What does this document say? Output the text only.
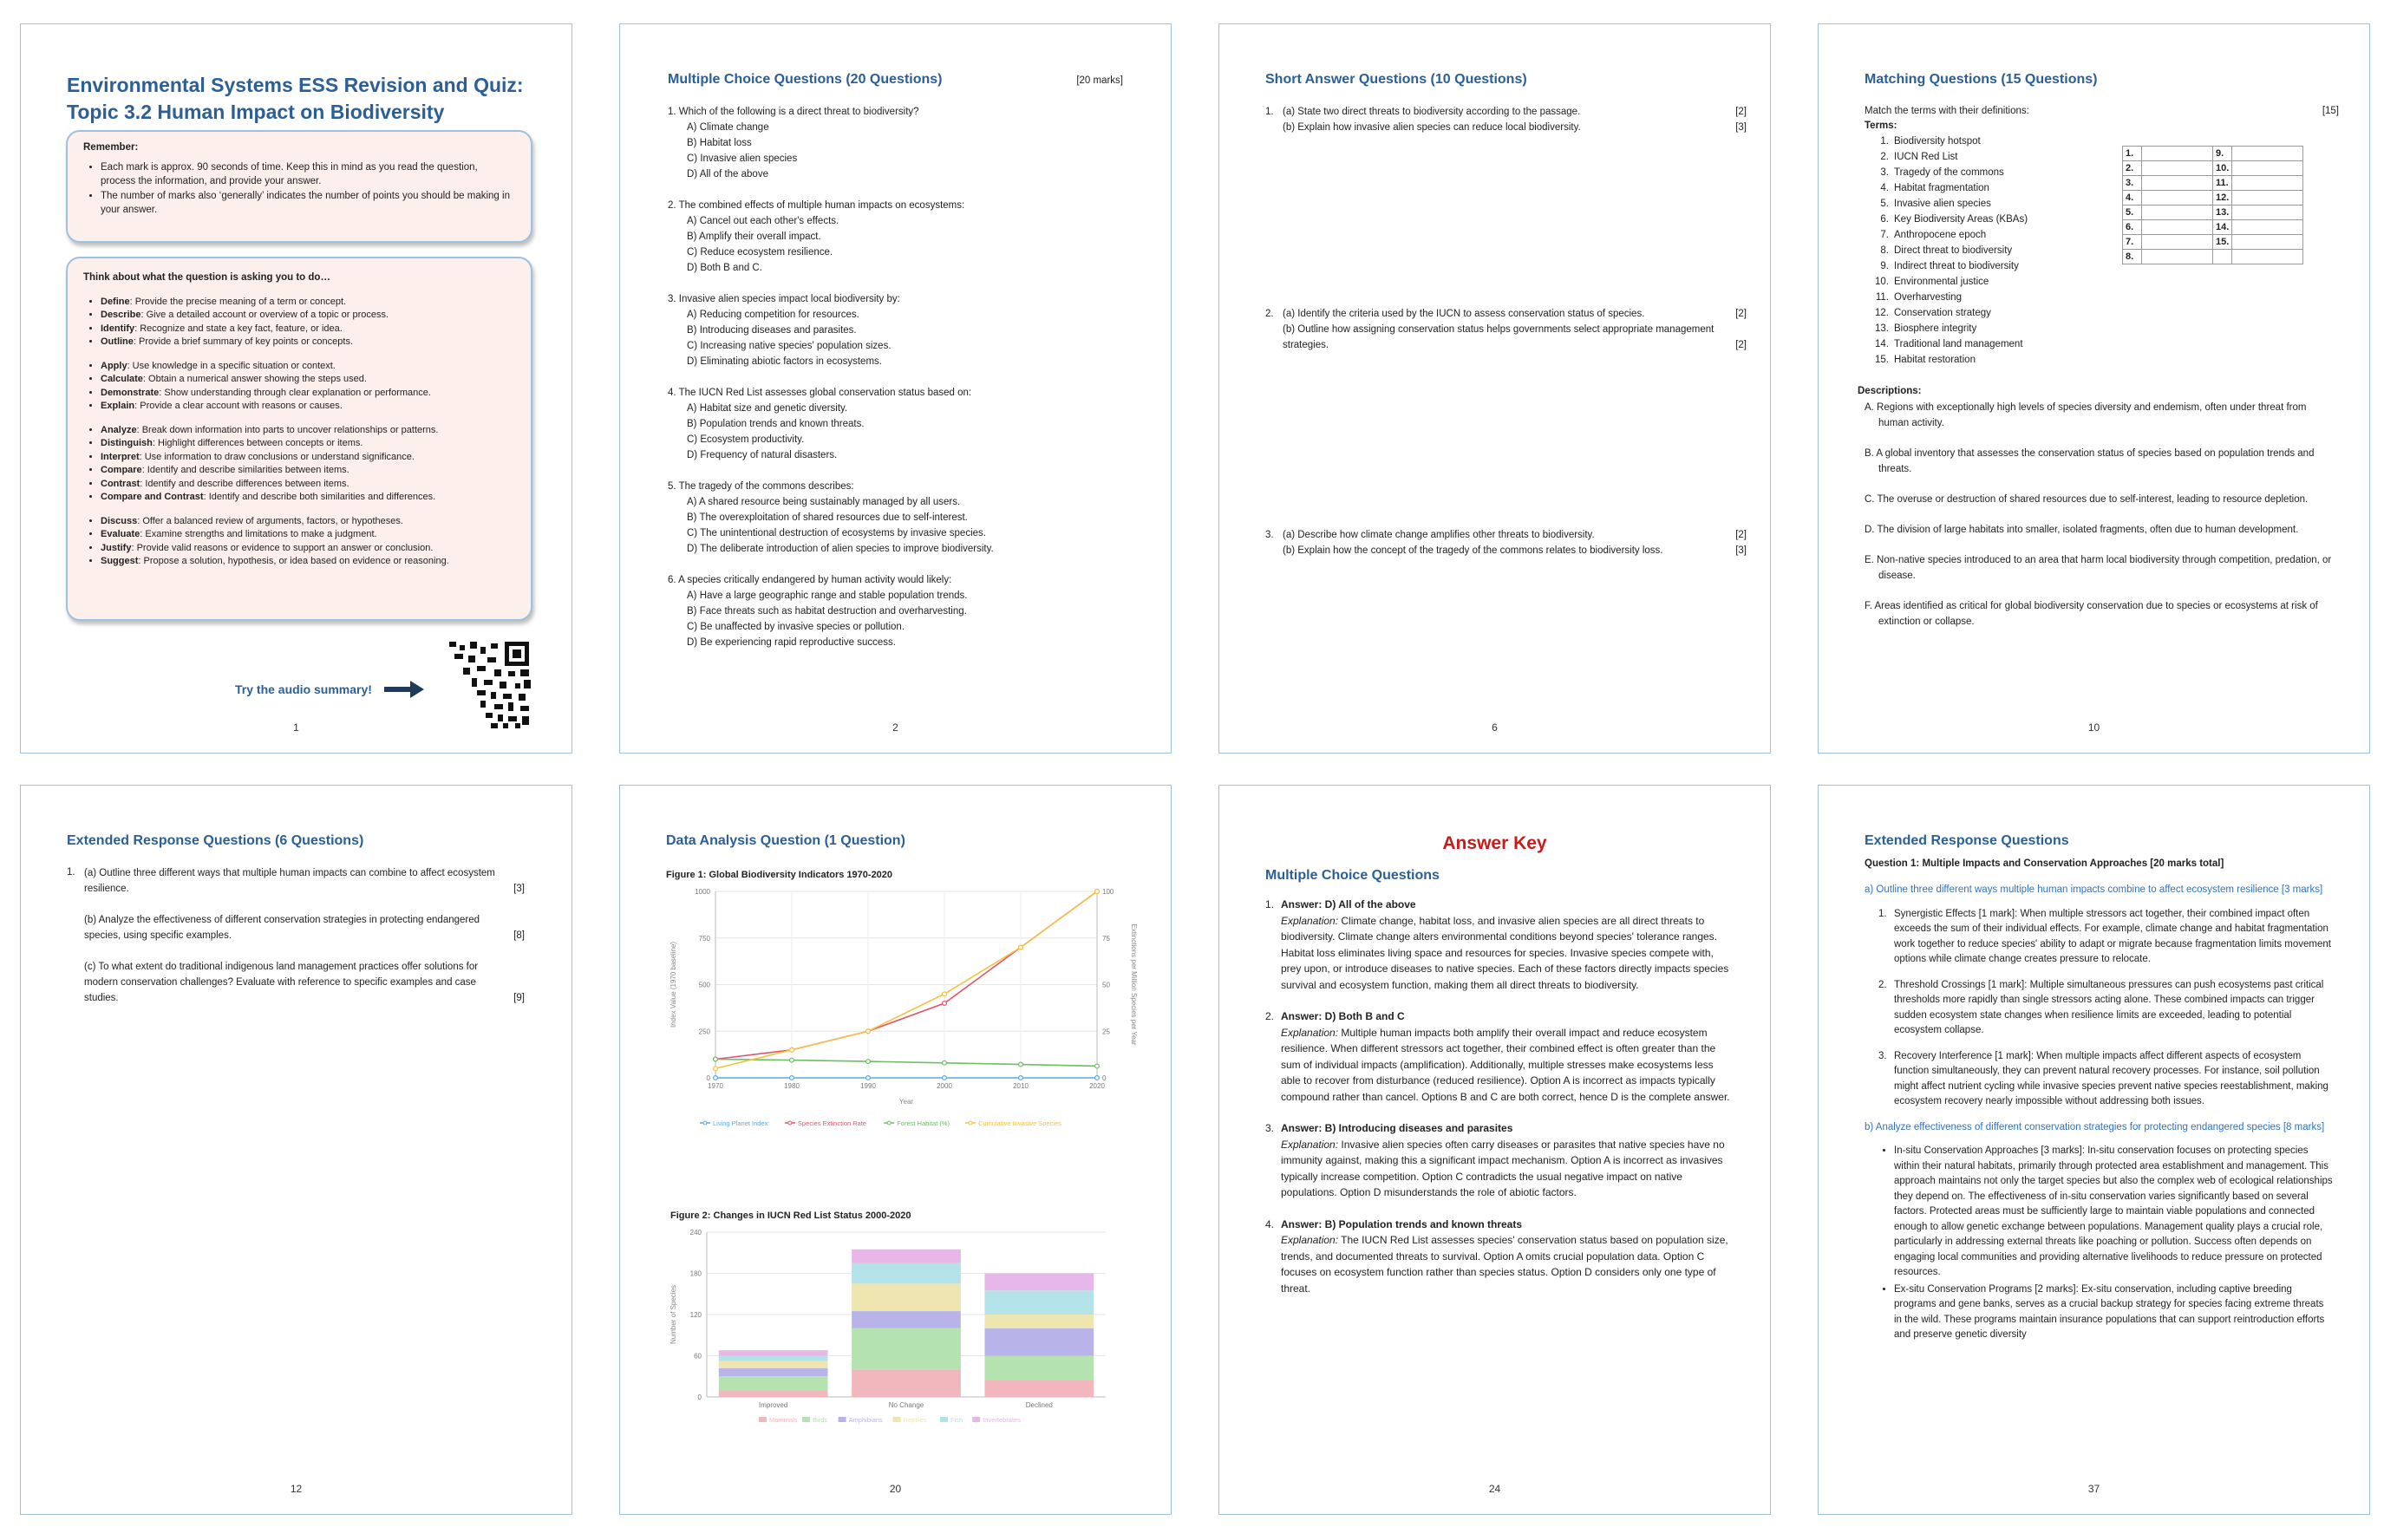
Environmental Systems ESS Revision and Quiz: Topic 3.2 Human Impact on Biodiversity
Remember:
• Each mark is approx. 90 seconds of time. Keep this in mind as you read the question, process the information, and provide your answer.
• The number of marks also ‘generally’ indicates the number of points you should be making in your answer.
Think about what the question is asking you to do…
• Define: Provide the precise meaning of a term or concept.
• Describe: Give a detailed account or overview of a topic or process.
• Identify: Recognize and state a key fact, feature, or idea.
• Outline: Provide a brief summary of key points or concepts.
• Apply: Use knowledge in a specific situation or context.
• Calculate: Obtain a numerical answer showing the steps used.
• Demonstrate: Show understanding through clear explanation or performance.
• Explain: Provide a clear account with reasons or causes.
• Analyze: Break down information into parts to uncover relationships or patterns.
• Distinguish: Highlight differences between concepts or items.
• Interpret: Use information to draw conclusions or understand significance.
• Compare: Identify and describe similarities between items.
• Contrast: Identify and describe differences between items.
• Compare and Contrast: Identify and describe both similarities and differences.
• Discuss: Offer a balanced review of arguments, factors, or hypotheses.
• Evaluate: Examine strengths and limitations to make a judgment.
• Justify: Provide valid reasons or evidence to support an answer or conclusion.
• Suggest: Propose a solution, hypothesis, or idea based on evidence or reasoning.
Try the audio summary!
1
Multiple Choice Questions (20 Questions)	[20 marks]
1. Which of the following is a direct threat to biodiversity?
A) Climate change
B) Habitat loss
C) Invasive alien species
D) All of the above
2. The combined effects of multiple human impacts on ecosystems:
A) Cancel out each other's effects.
B) Amplify their overall impact.
C) Reduce ecosystem resilience.
D) Both B and C.
3. Invasive alien species impact local biodiversity by:
A) Reducing competition for resources.
B) Introducing diseases and parasites.
C) Increasing native species' population sizes.
D) Eliminating abiotic factors in ecosystems.
4. The IUCN Red List assesses global conservation status based on:
A) Habitat size and genetic diversity.
B) Population trends and known threats.
C) Ecosystem productivity.
D) Frequency of natural disasters.
5. The tragedy of the commons describes:
A) A shared resource being sustainably managed by all users.
B) The overexploitation of shared resources due to self-interest.
C) The unintentional destruction of ecosystems by invasive species.
D) The deliberate introduction of alien species to improve biodiversity.
6. A species critically endangered by human activity would likely:
A) Have a large geographic range and stable population trends.
B) Face threats such as habitat destruction and overharvesting.
C) Be unaffected by invasive species or pollution.
D) Be experiencing rapid reproductive success.
2
Short Answer Questions (10 Questions)
1. (a) State two direct threats to biodiversity according to the passage.	[2]
(b) Explain how invasive alien species can reduce local biodiversity.	[3]
2. (a) Identify the criteria used by the IUCN to assess conservation status of species.	[2]
(b) Outline how assigning conservation status helps governments select appropriate management strategies.	[2]
3. (a) Describe how climate change amplifies other threats to biodiversity.	[2]
(b) Explain how the concept of the tragedy of the commons relates to biodiversity loss.	[3]
6
Matching Questions (15 Questions)
Match the terms with their definitions:	[15]
Terms:
1. Biodiversity hotspot
2. IUCN Red List
3. Tragedy of the commons
4. Habitat fragmentation
5. Invasive alien species
6. Key Biodiversity Areas (KBAs)
7. Anthropocene epoch
8. Direct threat to biodiversity
9. Indirect threat to biodiversity
10. Environmental justice
11. Overharvesting
12. Conservation strategy
13. Biosphere integrity
14. Traditional land management
15. Habitat restoration
1.		9.	
2.		10.	
3.		11.	
4.		12.	
5.		13.	
6.		14.	
7.		15.	
8.			
Descriptions:
A. Regions with exceptionally high levels of species diversity and endemism, often under threat from human activity.
B. A global inventory that assesses the conservation status of species based on population trends and threats.
C. The overuse or destruction of shared resources due to self-interest, leading to resource depletion.
D. The division of large habitats into smaller, isolated fragments, often due to human development.
E. Non-native species introduced to an area that harm local biodiversity through competition, predation, or disease.
F. Areas identified as critical for global biodiversity conservation due to species or ecosystems at risk of extinction or collapse.
10
Extended Response Questions (6 Questions)
1. (a) Outline three different ways that multiple human impacts can combine to affect ecosystem resilience.	[3]
(b) Analyze the effectiveness of different conservation strategies in protecting endangered species, using specific examples.	[8]
(c) To what extent do traditional indigenous land management practices offer solutions for modern conservation challenges? Evaluate with reference to specific examples and case studies.	[9]
12
Data Analysis Question (1 Question)
Figure 1: Global Biodiversity Indicators 1970-2020
0
250
500
750
1000
0
25
50
75
100
1970	1980	1990	2000	2010	2020
Year
Index Value (1970 baseline)	Extinctions per Million Species per Year
Living Planet Index	Species Extinction Rate	Forest Habitat (%)	Cumulative Invasive Species
Figure 2: Changes in IUCN Red List Status 2000-2020
0
60
120
180
240
Number of Species
Improved	No Change	Declined
Mammals Birds	Amphibians	Reptiles	Fish	Invertebrates
20
Answer Key
Multiple Choice Questions
1. Answer: D) All of the above
Explanation: Climate change, habitat loss, and invasive alien species are all direct threats to biodiversity. Climate change alters environmental conditions beyond species' tolerance ranges. Habitat loss eliminates living space and resources for species. Invasive species compete with, prey upon, or introduce diseases to native species. Each of these factors directly impacts species survival and ecosystem function, making them all direct threats to biodiversity.
2. Answer: D) Both B and C
Explanation: Multiple human impacts both amplify their overall impact and reduce ecosystem resilience. When different stressors act together, their combined effect is often greater than the sum of individual impacts (amplification). Additionally, multiple stresses make ecosystems less able to recover from disturbance (reduced resilience). Option A is incorrect as impacts typically compound rather than cancel. Options B and C are both correct, hence D is the complete answer.
3. Answer: B) Introducing diseases and parasites
Explanation: Invasive alien species often carry diseases or parasites that native species have no immunity against, making this a significant impact mechanism. Option A is incorrect as invasives typically increase competition. Option C contradicts the usual negative impact on native populations. Option D misunderstands the role of abiotic factors.
4. Answer: B) Population trends and known threats
Explanation: The IUCN Red List assesses species' conservation status based on population size, trends, and documented threats to survival. Option A omits crucial population data. Option C focuses on ecosystem function rather than species status. Option D considers only one type of threat.
24
Extended Response Questions
Question 1: Multiple Impacts and Conservation Approaches [20 marks total]
a) Outline three different ways multiple human impacts combine to affect ecosystem resilience [3 marks]
1. Synergistic Effects [1 mark]: When multiple stressors act together, their combined impact often exceeds the sum of their individual effects. For example, climate change and habitat fragmentation work together to reduce species' ability to adapt or migrate because fragmentation limits movement options while climate change creates pressure to relocate.
2. Threshold Crossings [1 mark]: Multiple simultaneous pressures can push ecosystems past critical thresholds more rapidly than single stressors acting alone. These combined impacts can trigger sudden ecosystem state changes when resilience limits are exceeded, leading to potential ecosystem collapse.
3. Recovery Interference [1 mark]: When multiple impacts affect different aspects of ecosystem function simultaneously, they can prevent natural recovery processes. For instance, soil pollution might affect nutrient cycling while invasive species prevent native species reestablishment, making ecosystem recovery nearly impossible without addressing both issues.
b) Analyze effectiveness of different conservation strategies for protecting endangered species [8 marks]
• In-situ Conservation Approaches [3 marks]: In-situ conservation focuses on protecting species within their natural habitats, primarily through protected area establishment and management. This approach maintains not only the target species but also the complex web of ecological relationships they depend on. The effectiveness of in-situ conservation varies significantly based on several factors. Protected areas must be sufficiently large to maintain viable populations and connected enough to allow genetic exchange between populations. Management quality plays a crucial role, particularly in addressing external threats like poaching or pollution. Success often depends on engaging local communities and providing alternative livelihoods to reduce pressure on protected resources.
• Ex-situ Conservation Programs [2 marks]: Ex-situ conservation, including captive breeding programs and gene banks, serves as a crucial backup strategy for species facing extreme threats in the wild. These programs maintain insurance populations that can support reintroduction efforts and preserve genetic diversity
37
